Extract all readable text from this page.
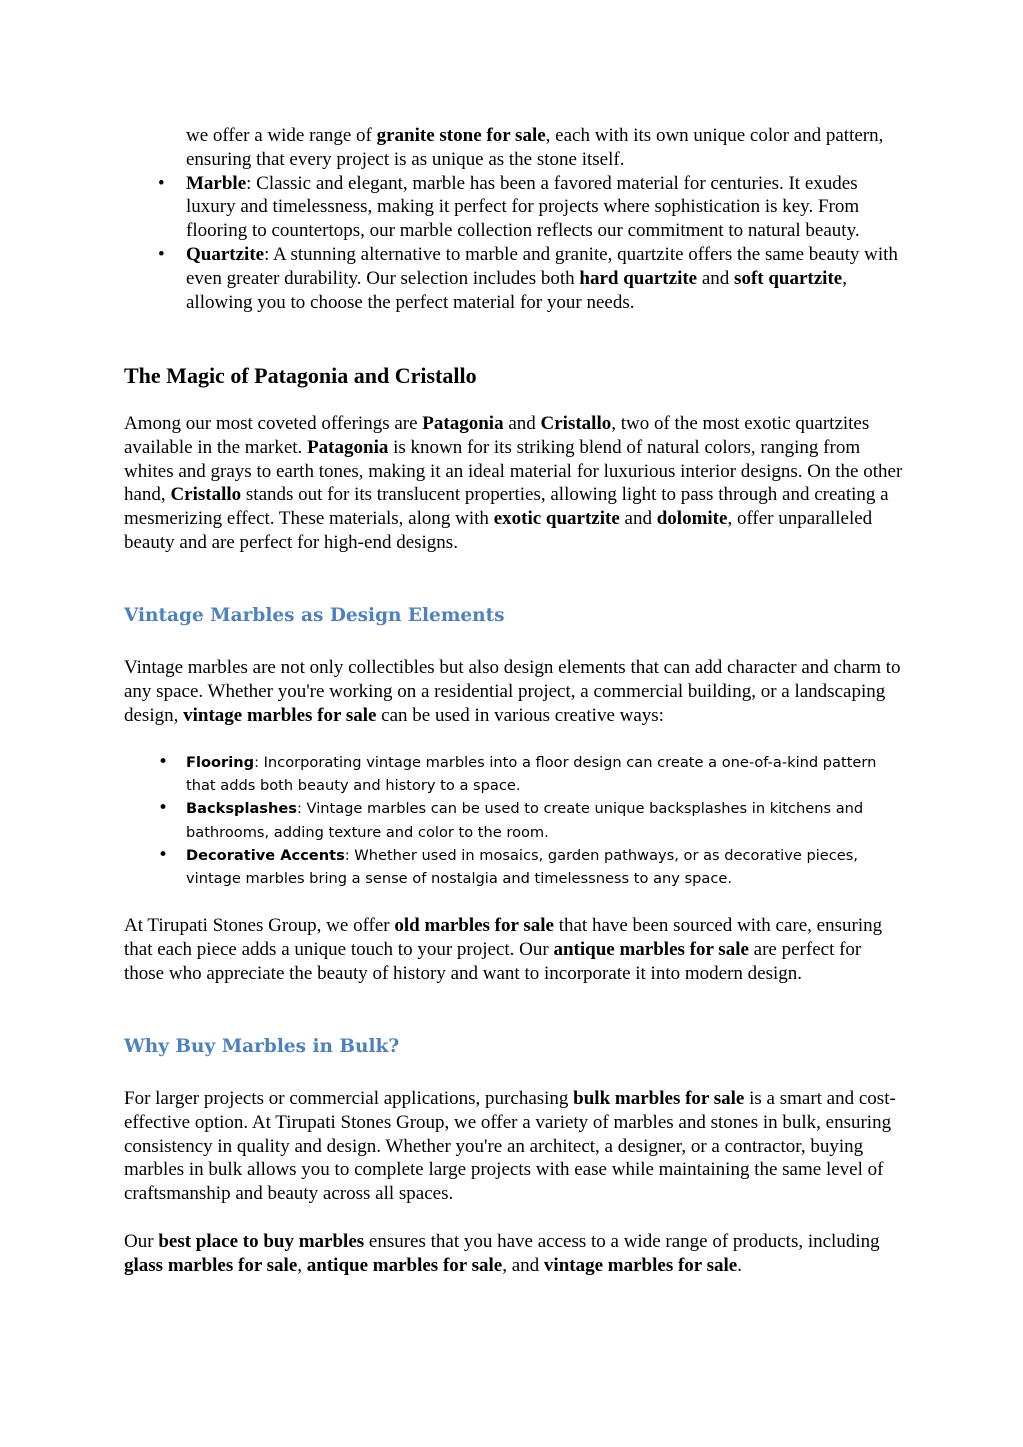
we offer a wide range of granite stone for sale, each with its own unique color and pattern, ensuring that every project is as unique as the stone itself.
• Marble: Classic and elegant, marble has been a favored material for centuries. It exudes luxury and timelessness, making it perfect for projects where sophistication is key. From flooring to countertops, our marble collection reflects our commitment to natural beauty.
• Quartzite: A stunning alternative to marble and granite, quartzite offers the same beauty with even greater durability. Our selection includes both hard quartzite and soft quartzite, allowing you to choose the perfect material for your needs.
The Magic of Patagonia and Cristallo

Among our most coveted offerings are Patagonia and Cristallo, two of the most exotic quartzites available in the market. Patagonia is known for its striking blend of natural colors, ranging from whites and grays to earth tones, making it an ideal material for luxurious interior designs. On the other hand, Cristallo stands out for its translucent properties, allowing light to pass through and creating a mesmerizing effect. These materials, along with exotic quartzite and dolomite, offer unparalleled beauty and are perfect for high-end designs.

Vintage Marbles as Design Elements

Vintage marbles are not only collectibles but also design elements that can add character and charm to any space. Whether you're working on a residential project, a commercial building, or a landscaping design, vintage marbles for sale can be used in various creative ways:

• Flooring: Incorporating vintage marbles into a floor design can create a one-of-a-kind pattern that adds both beauty and history to a space.
• Backsplashes: Vintage marbles can be used to create unique backsplashes in kitchens and bathrooms, adding texture and color to the room.
• Decorative Accents: Whether used in mosaics, garden pathways, or as decorative pieces, vintage marbles bring a sense of nostalgia and timelessness to any space.

At Tirupati Stones Group, we offer old marbles for sale that have been sourced with care, ensuring that each piece adds a unique touch to your project. Our antique marbles for sale are perfect for those who appreciate the beauty of history and want to incorporate it into modern design.

Why Buy Marbles in Bulk?

For larger projects or commercial applications, purchasing bulk marbles for sale is a smart and cost-effective option. At Tirupati Stones Group, we offer a variety of marbles and stones in bulk, ensuring consistency in quality and design. Whether you're an architect, a designer, or a contractor, buying marbles in bulk allows you to complete large projects with ease while maintaining the same level of craftsmanship and beauty across all spaces.

Our best place to buy marbles ensures that you have access to a wide range of products, including glass marbles for sale, antique marbles for sale, and vintage marbles for sale.
